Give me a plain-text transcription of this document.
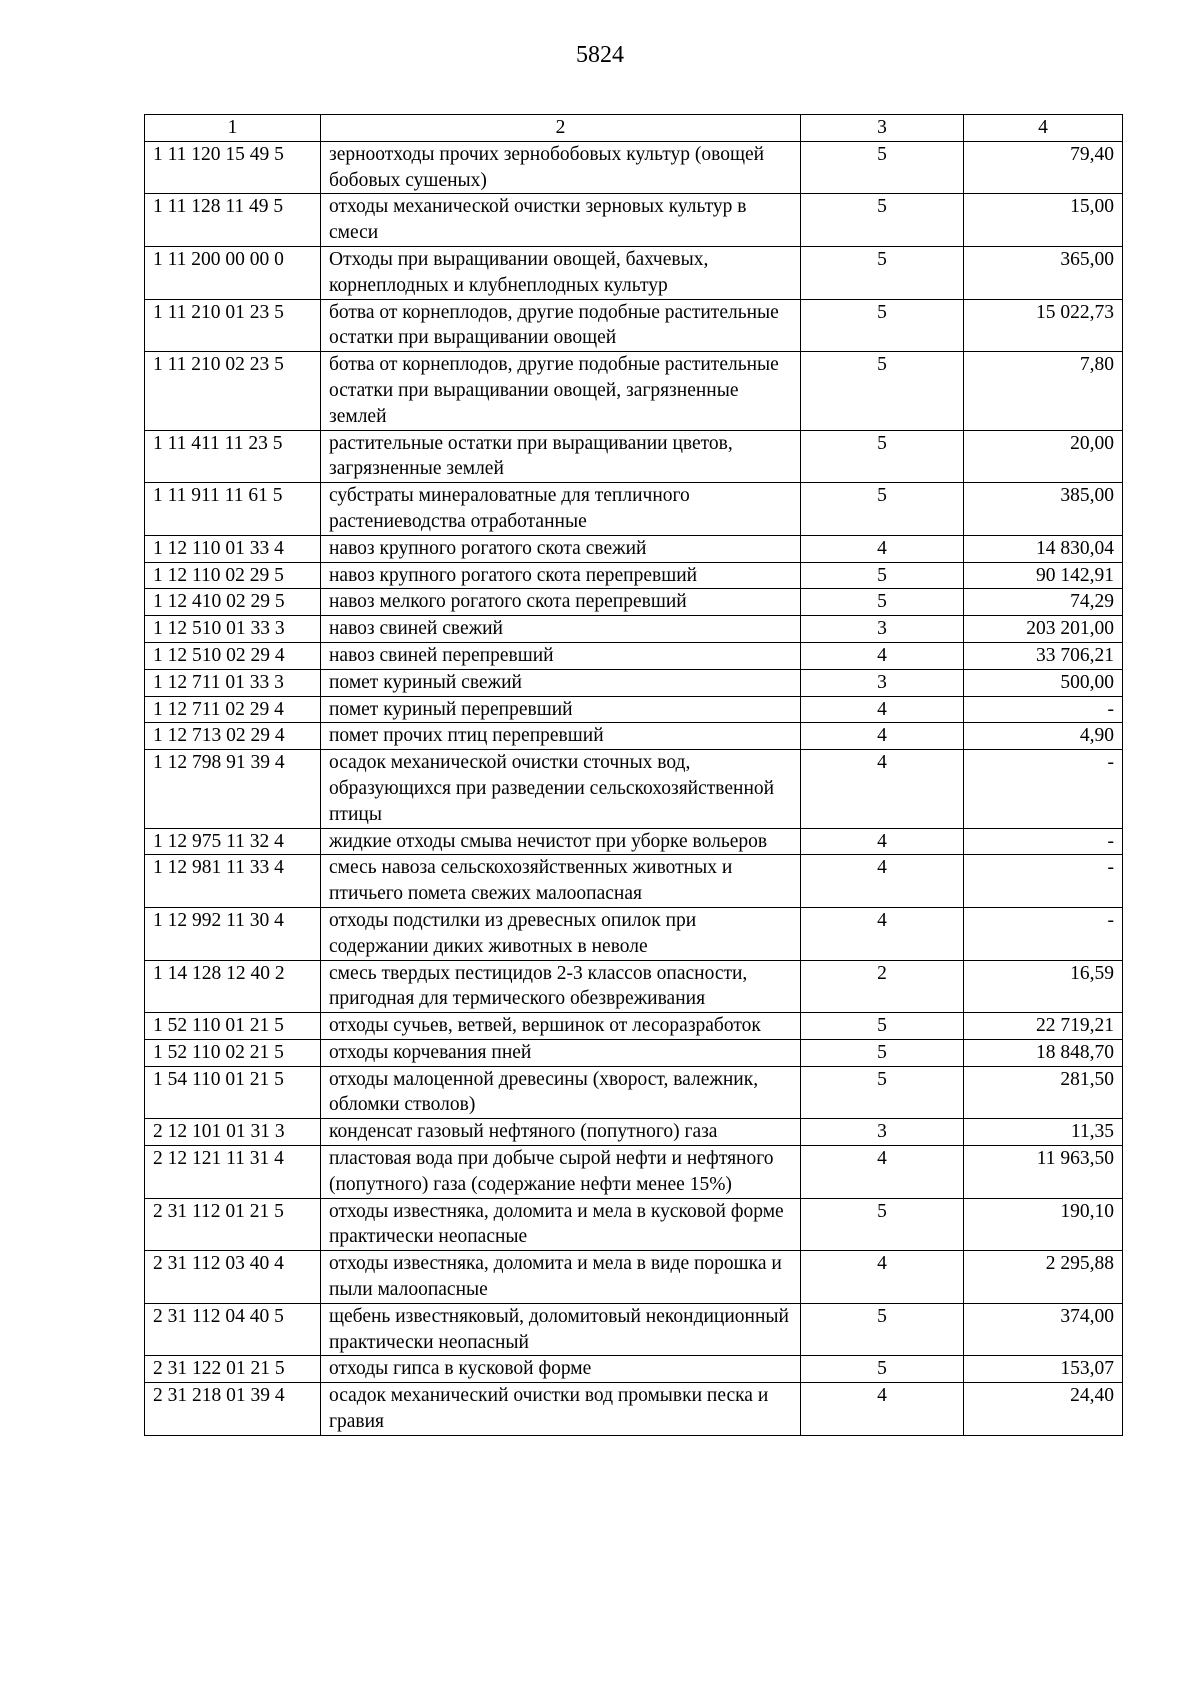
5824
1	2	3	4
1 11 120 15 49 5	зерноотходы прочих зернобобовых культур (овощей бобовых сушеных)	5	79,40
1 11 128 11 49 5	отходы механической очистки зерновых культур в смеси	5	15,00
1 11 200 00 00 0	Отходы при выращивании овощей, бахчевых, корнеплодных и клубнеплодных культур	5	365,00
1 11 210 01 23 5	ботва от корнеплодов, другие подобные растительные остатки при выращивании овощей	5	15 022,73
1 11 210 02 23 5	ботва от корнеплодов, другие подобные растительные остатки при выращивании овощей, загрязненные землей	5	7,80
1 11 411 11 23 5	растительные остатки при выращивании цветов, загрязненные землей	5	20,00
1 11 911 11 61 5	субстраты минераловатные для тепличного растениеводства отработанные	5	385,00
1 12 110 01 33 4	навоз крупного рогатого скота свежий	4	14 830,04
1 12 110 02 29 5	навоз крупного рогатого скота перепревший	5	90 142,91
1 12 410 02 29 5	навоз мелкого рогатого скота перепревший	5	74,29
1 12 510 01 33 3	навоз свиней свежий	3	203 201,00
1 12 510 02 29 4	навоз свиней перепревший	4	33 706,21
1 12 711 01 33 3	помет куриный свежий	3	500,00
1 12 711 02 29 4	помет куриный перепревший	4	-
1 12 713 02 29 4	помет прочих птиц перепревший	4	4,90
1 12 798 91 39 4	осадок механической очистки сточных вод, образующихся при разведении сельскохозяйственной птицы	4	-
1 12 975 11 32 4	жидкие отходы смыва нечистот при уборке вольеров	4	-
1 12 981 11 33 4	смесь навоза сельскохозяйственных животных и птичьего помета свежих малоопасная	4	-
1 12 992 11 30 4	отходы подстилки из древесных опилок при содержании диких животных в неволе	4	-
1 14 128 12 40 2	смесь твердых пестицидов 2-3 классов опасности, пригодная для термического обезвреживания	2	16,59
1 52 110 01 21 5	отходы сучьев, ветвей, вершинок от лесоразработок	5	22 719,21
1 52 110 02 21 5	отходы корчевания пней	5	18 848,70
1 54 110 01 21 5	отходы малоценной древесины (хворост, валежник, обломки стволов)	5	281,50
2 12 101 01 31 3	конденсат газовый нефтяного (попутного) газа	3	11,35
2 12 121 11 31 4	пластовая вода при добыче сырой нефти и нефтяного (попутного) газа (содержание нефти менее 15%)	4	11 963,50
2 31 112 01 21 5	отходы известняка, доломита и мела в кусковой форме практически неопасные	5	190,10
2 31 112 03 40 4	отходы известняка, доломита и мела в виде порошка и пыли малоопасные	4	2 295,88
2 31 112 04 40 5	щебень известняковый, доломитовый некондиционный практически неопасный	5	374,00
2 31 122 01 21 5	отходы гипса в кусковой форме	5	153,07
2 31 218 01 39 4	осадок механический очистки вод промывки песка и гравия	4	24,40
